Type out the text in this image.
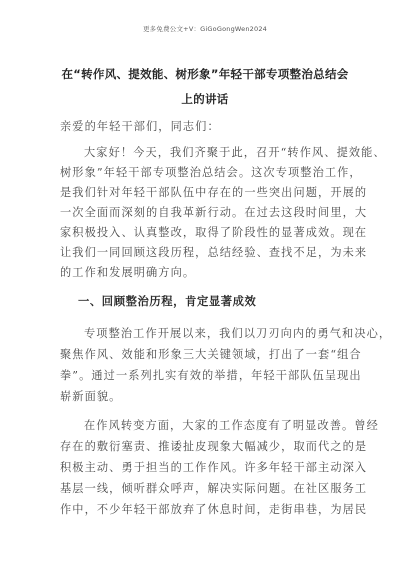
更多免费公文+V：GiGoGongWen2024
在“转作风、提效能、树形象”年轻干部专项整治总结会
上的讲话
亲爱的年轻干部们，同志们：
大家好！今天，我们齐聚于此，召开“转作风、提效能、
树形象”年轻干部专项整治总结会。这次专项整治工作，
是我们针对年轻干部队伍中存在的一些突出问题，开展的
一次全面而深刻的自我革新行动。在过去这段时间里，大
家积极投入、认真整改，取得了阶段性的显著成效。现在
让我们一同回顾这段历程，总结经验、查找不足，为未来
的工作和发展明确方向。
一、回顾整治历程，肯定显著成效
专项整治工作开展以来，我们以刀刃向内的勇气和决心，
聚焦作风、效能和形象三大关键领域，打出了一套“组合
拳”。通过一系列扎实有效的举措，年轻干部队伍呈现出
崭新面貌。
在作风转变方面，大家的工作态度有了明显改善。曾经
存在的敷衍塞责、推诿扯皮现象大幅减少，取而代之的是
积极主动、勇于担当的工作作风。许多年轻干部主动深入
基层一线，倾听群众呼声，解决实际问题。在社区服务工
作中，不少年轻干部放弃了休息时间，走街串巷，为居民
